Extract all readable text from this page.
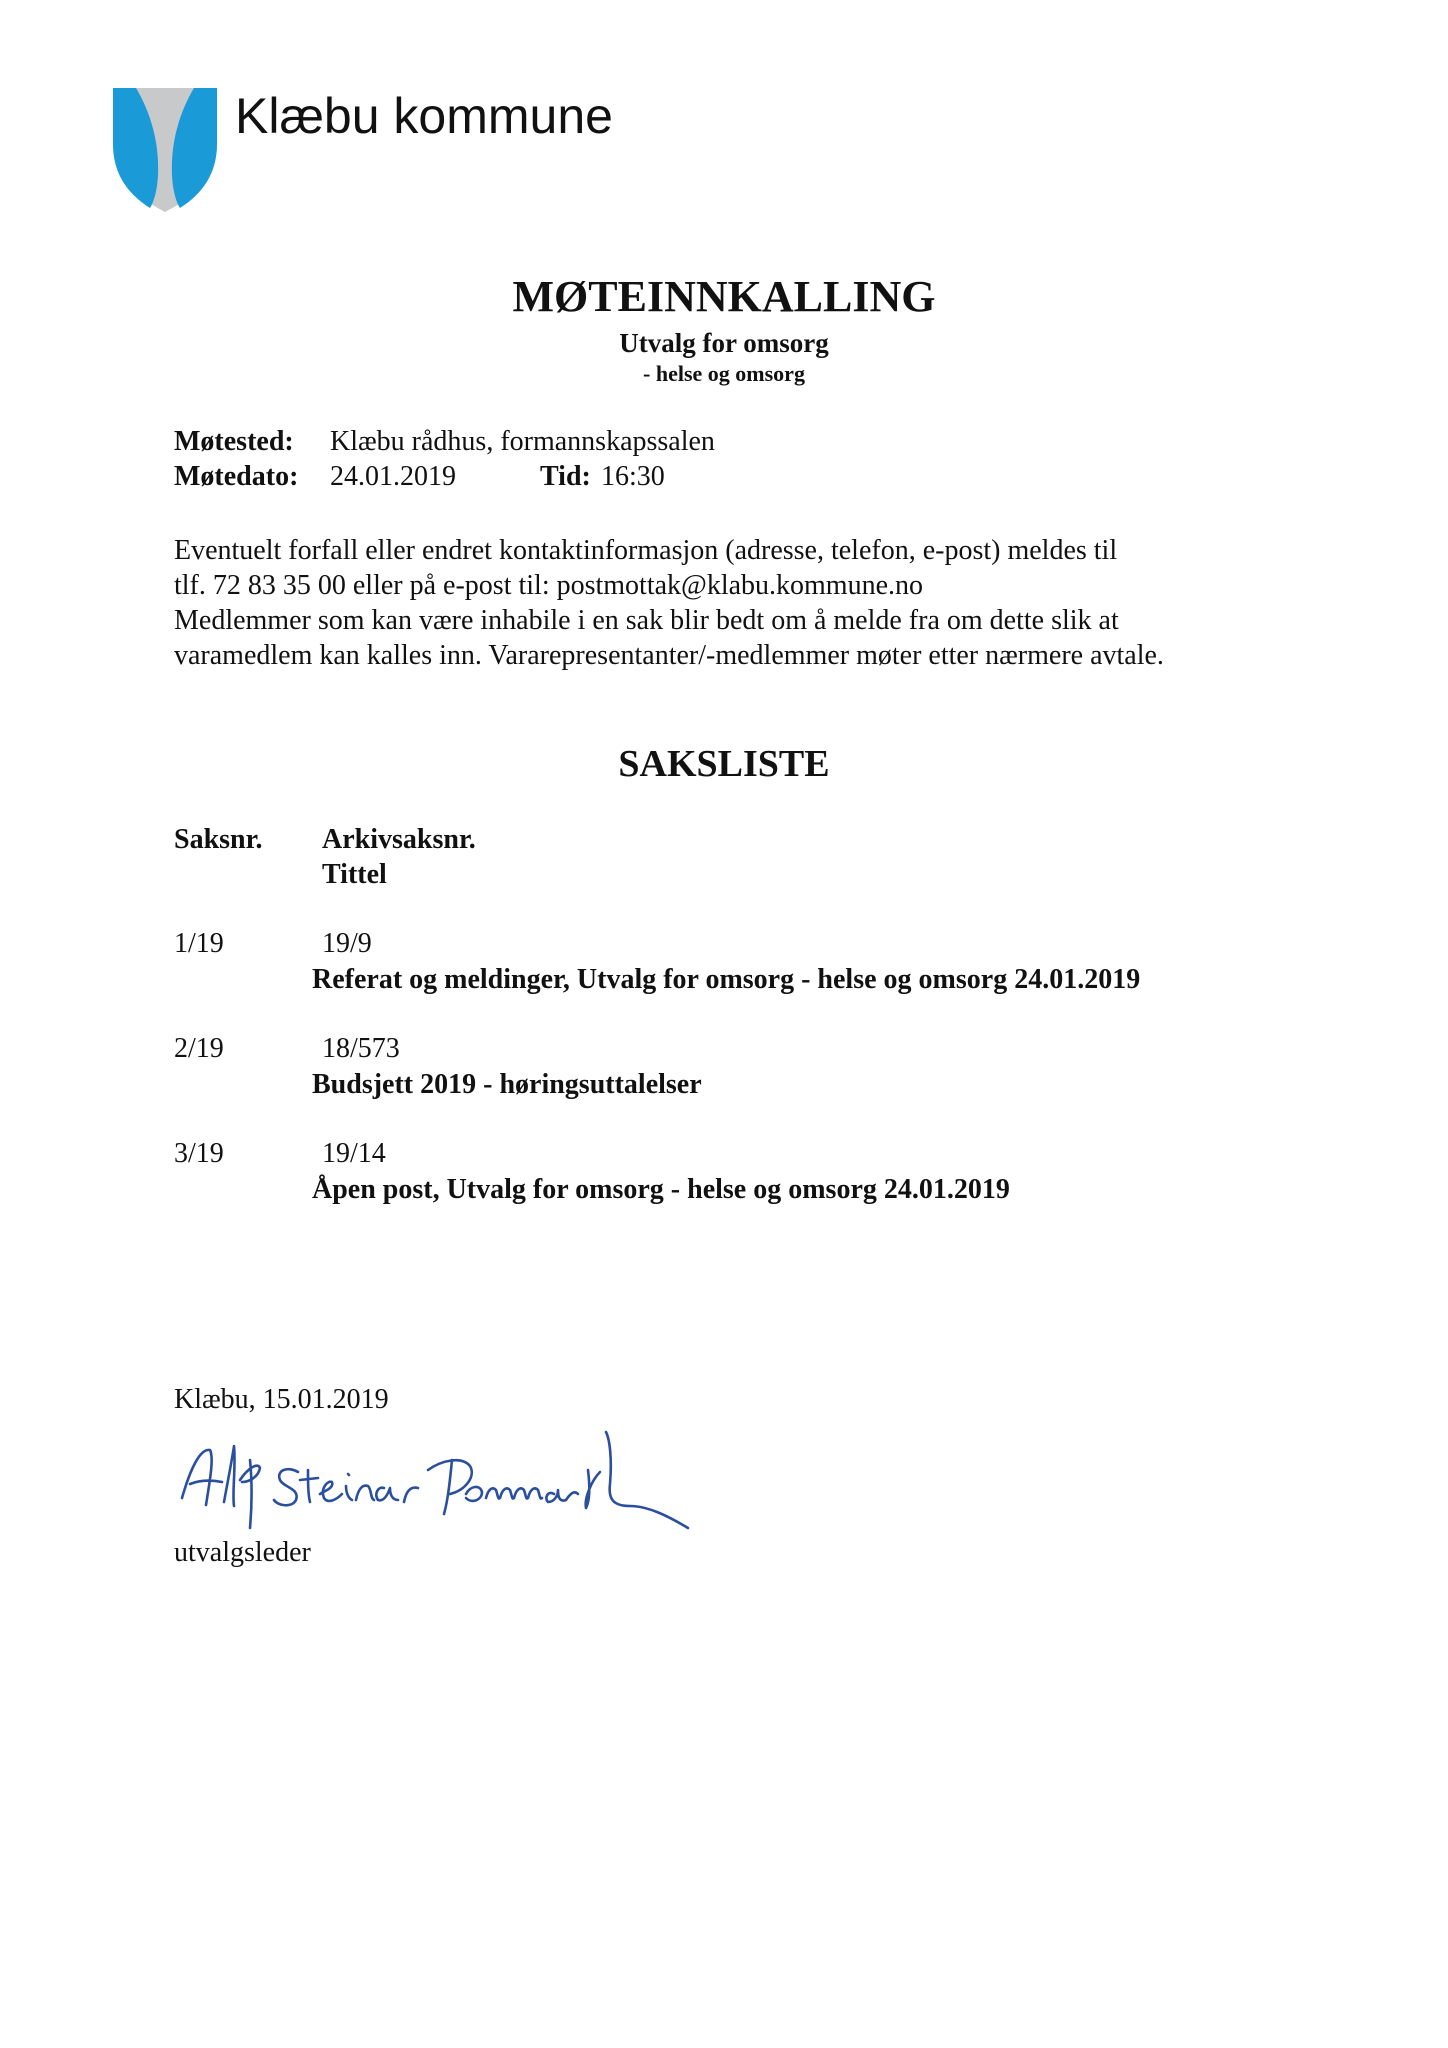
Klæbu kommune
MØTEINNKALLING
Utvalg for omsorg
- helse og omsorg
Møtested: Klæbu rådhus, formannskapssalen
Møtedato: 24.01.2019	Tid: 16:30
Eventuelt forfall eller endret kontaktinformasjon (adresse, telefon, e-post) meldes til
tlf. 72 83 35 00 eller på e-post til: postmottak@klabu.kommune.no
Medlemmer som kan være inhabile i en sak blir bedt om å melde fra om dette slik at
varamedlem kan kalles inn. Vararepresentanter/-medlemmer møter etter nærmere avtale.
SAKSLISTE
Saksnr. Arkivsaksnr.
Tittel
1/19	19/9
Referat og meldinger, Utvalg for omsorg - helse og omsorg 24.01.2019
2/19	18/573
Budsjett 2019 - høringsuttalelser
3/19	19/14
Åpen post, Utvalg for omsorg - helse og omsorg 24.01.2019
Klæbu, 15.01.2019
utvalgsleder
